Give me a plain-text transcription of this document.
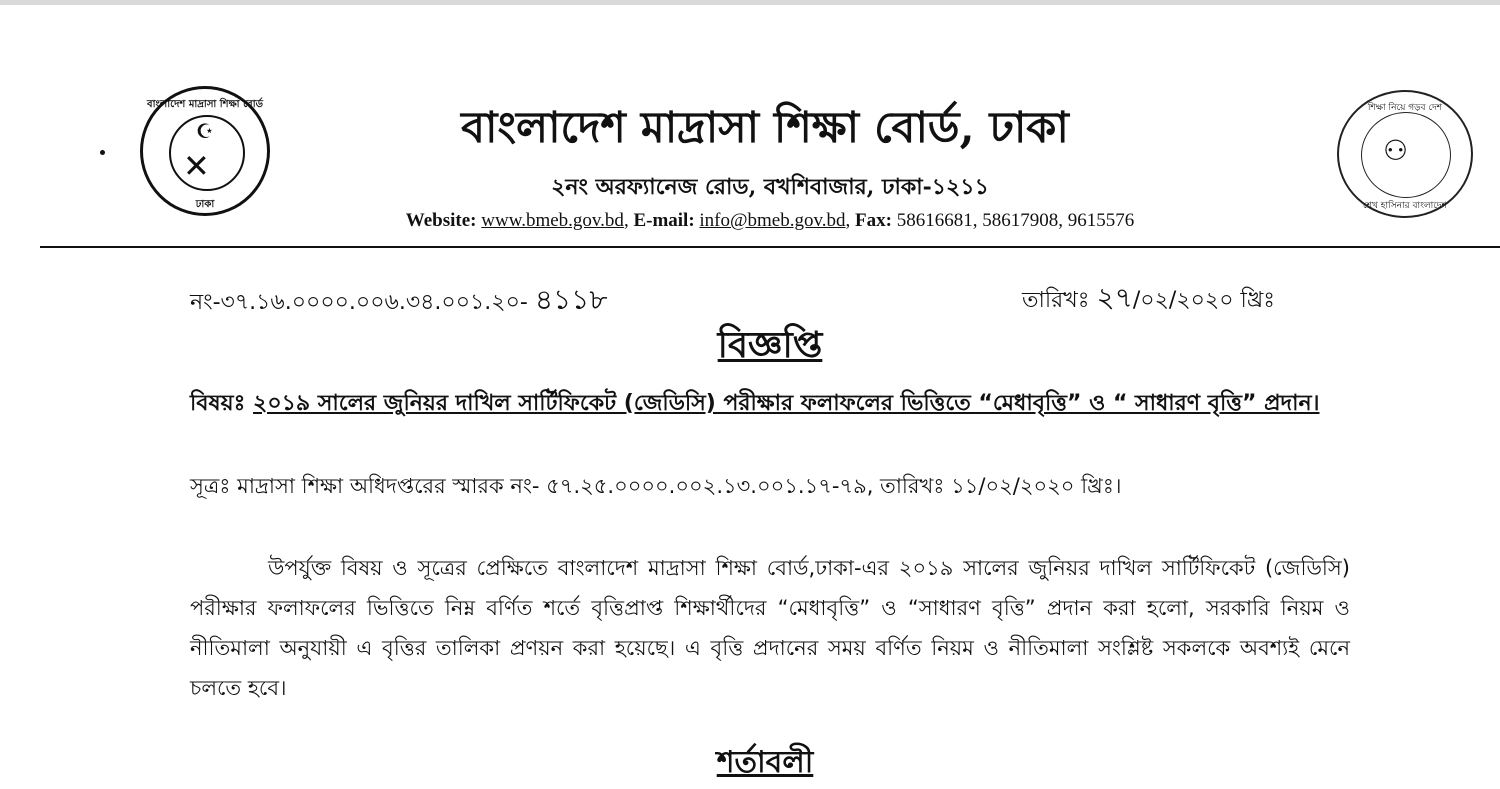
বাংলাদেশ মাদ্রাসা শিক্ষা বোর্ড
☪
✕
ঢাকা
বাংলাদেশ মাদ্রাসা শিক্ষা বোর্ড, ঢাকা
২নং অরফ্যানেজ রোড, বখশিবাজার, ঢাকা-১২১১
Website: www.bmeb.gov.bd, E-mail: info@bmeb.gov.bd, Fax: 58616681, 58617908, 9615576
শিক্ষা নিয়ে গড়ব দেশ
⚇
শেখ হাসিনার বাংলাদেশ
নং-৩৭.১৬.০০০০.০০৬.৩৪.০০১.২০- ৪১১৮	তারিখঃ ২৭/০২/২০২০ খ্রিঃ
বিজ্ঞপ্তি
বিষয়ঃ ২০১৯ সালের জুনিয়র দাখিল সার্টিফিকেট (জেডিসি) পরীক্ষার ফলাফলের ভিত্তিতে “মেধাবৃত্তি” ও “ সাধারণ বৃত্তি” প্রদান।
সূত্রঃ মাদ্রাসা শিক্ষা অধিদপ্তরের স্মারক নং- ৫৭.২৫.০০০০.০০২.১৩.০০১.১৭-৭৯, তারিখঃ ১১/০২/২০২০ খ্রিঃ।
উপর্যুক্ত বিষয় ও সূত্রের প্রেক্ষিতে বাংলাদেশ মাদ্রাসা শিক্ষা বোর্ড,ঢাকা-এর ২০১৯ সালের জুনিয়র দাখিল সার্টিফিকেট (জেডিসি) পরীক্ষার ফলাফলের ভিত্তিতে নিম্ন বর্ণিত শর্তে বৃত্তিপ্রাপ্ত শিক্ষার্থীদের “মেধাবৃত্তি” ও “সাধারণ বৃত্তি” প্রদান করা হলো, সরকারি নিয়ম ও নীতিমালা অনুযায়ী এ বৃত্তির তালিকা প্রণয়ন করা হয়েছে। এ বৃত্তি প্রদানের সময় বর্ণিত নিয়ম ও নীতিমালা সংশ্লিষ্ট সকলকে অবশ্যই মেনে চলতে হবে।
শর্তাবলী
